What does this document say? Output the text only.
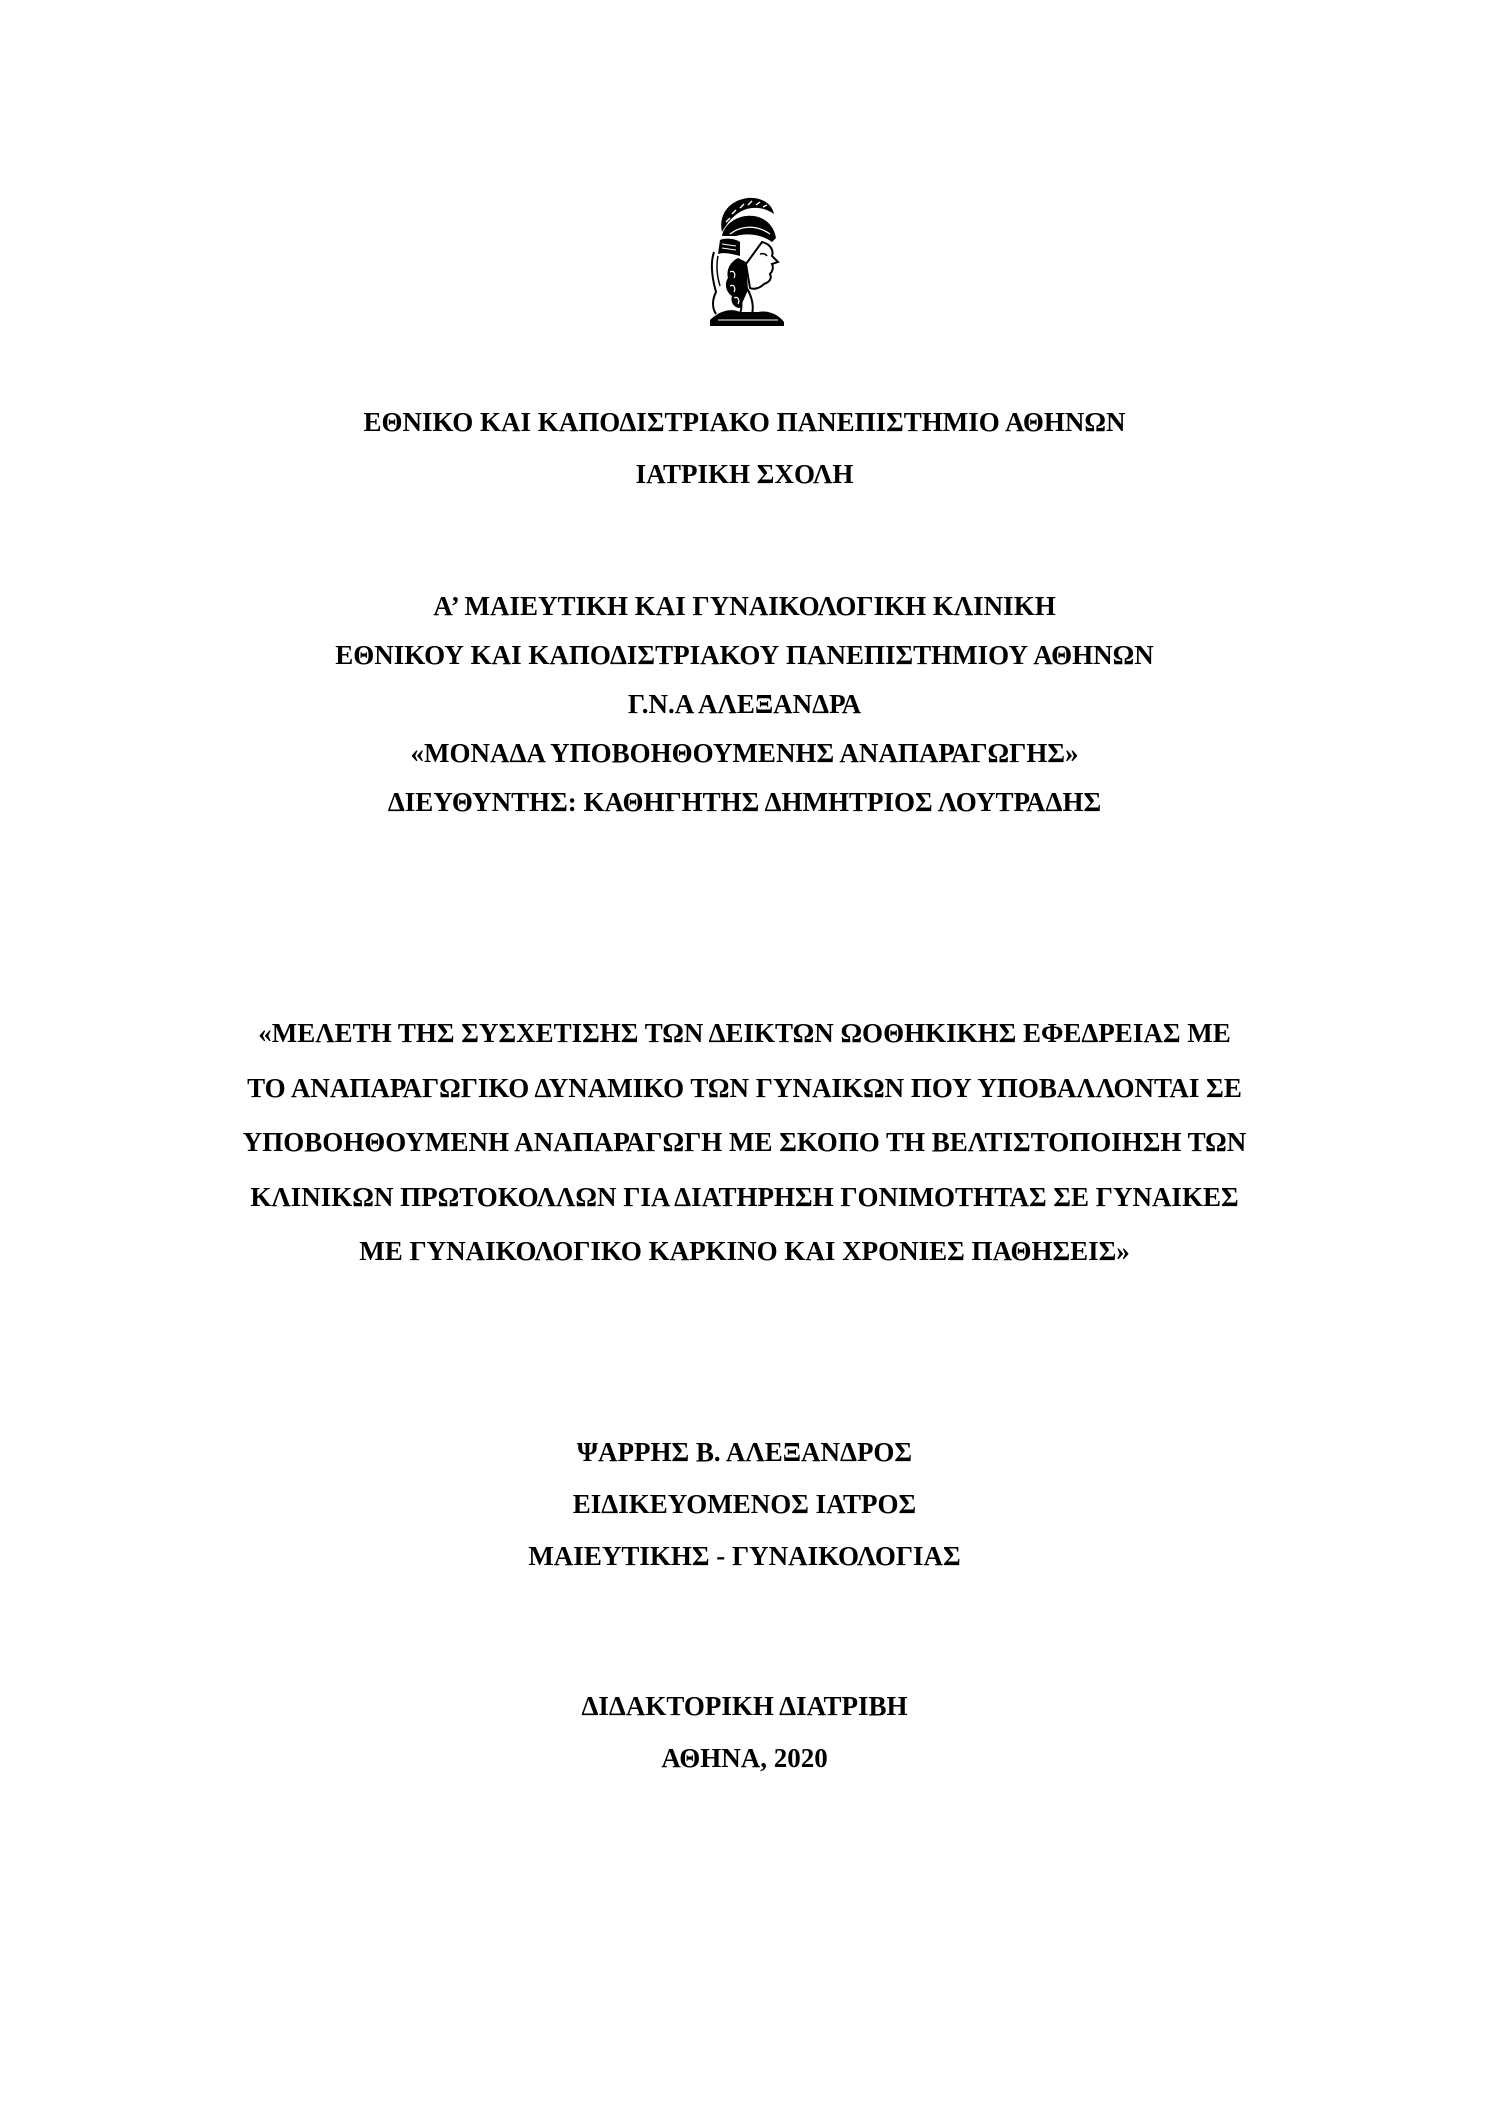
ΕΘΝΙΚΟ ΚΑΙ ΚΑΠΟΔΙΣΤΡΙΑΚΟ ΠΑΝΕΠΙΣΤΗΜΙΟ ΑΘΗΝΩΝ
ΙΑΤΡΙΚΗ ΣΧΟΛΗ
Α’ ΜΑΙΕΥΤΙΚΗ ΚΑΙ ΓΥΝΑΙΚΟΛΟΓΙΚΗ ΚΛΙΝΙΚΗ
ΕΘΝΙΚΟΥ ΚΑΙ ΚΑΠΟΔΙΣΤΡΙΑΚΟΥ ΠΑΝΕΠΙΣΤΗΜΙΟΥ ΑΘΗΝΩΝ
Γ.Ν.Α ΑΛΕΞΑΝΔΡΑ
«ΜΟΝΑΔΑ ΥΠΟΒΟΗΘΟΥΜΕΝΗΣ ΑΝΑΠΑΡΑΓΩΓΗΣ»
ΔΙΕΥΘΥΝΤΗΣ: ΚΑΘΗΓΗΤΗΣ ΔΗΜΗΤΡΙΟΣ ΛΟΥΤΡΑΔΗΣ
«ΜΕΛΕΤΗ ΤΗΣ ΣΥΣΧΕΤΙΣΗΣ ΤΩΝ ΔΕΙΚΤΩΝ ΩΟΘΗΚΙΚΗΣ ΕΦΕΔΡΕΙΑΣ ΜΕ
ΤΟ ΑΝΑΠΑΡΑΓΩΓΙΚΟ ΔΥΝΑΜΙΚΟ ΤΩΝ ΓΥΝΑΙΚΩΝ ΠΟΥ ΥΠΟΒΑΛΛΟΝΤΑΙ ΣΕ
ΥΠΟΒΟΗΘΟΥΜΕΝΗ ΑΝΑΠΑΡΑΓΩΓΗ ΜΕ ΣΚΟΠΟ ΤΗ ΒΕΛΤΙΣΤΟΠΟΙΗΣΗ ΤΩΝ
ΚΛΙΝΙΚΩΝ ΠΡΩΤΟΚΟΛΛΩΝ ΓΙΑ ΔΙΑΤΗΡΗΣΗ ΓΟΝΙΜΟΤΗΤΑΣ ΣΕ ΓΥΝΑΙΚΕΣ
ΜΕ ΓΥΝΑΙΚΟΛΟΓΙΚΟ ΚΑΡΚΙΝΟ ΚΑΙ ΧΡΟΝΙΕΣ ΠΑΘΗΣΕΙΣ»
ΨΑΡΡΗΣ Β. ΑΛΕΞΑΝΔΡΟΣ
ΕΙΔΙΚΕΥΟΜΕΝΟΣ ΙΑΤΡΟΣ
ΜΑΙΕΥΤΙΚΗΣ - ΓΥΝΑΙΚΟΛΟΓΙΑΣ
ΔΙΔΑΚΤΟΡΙΚΗ ΔΙΑΤΡΙΒΗ
ΑΘΗΝΑ, 2020
